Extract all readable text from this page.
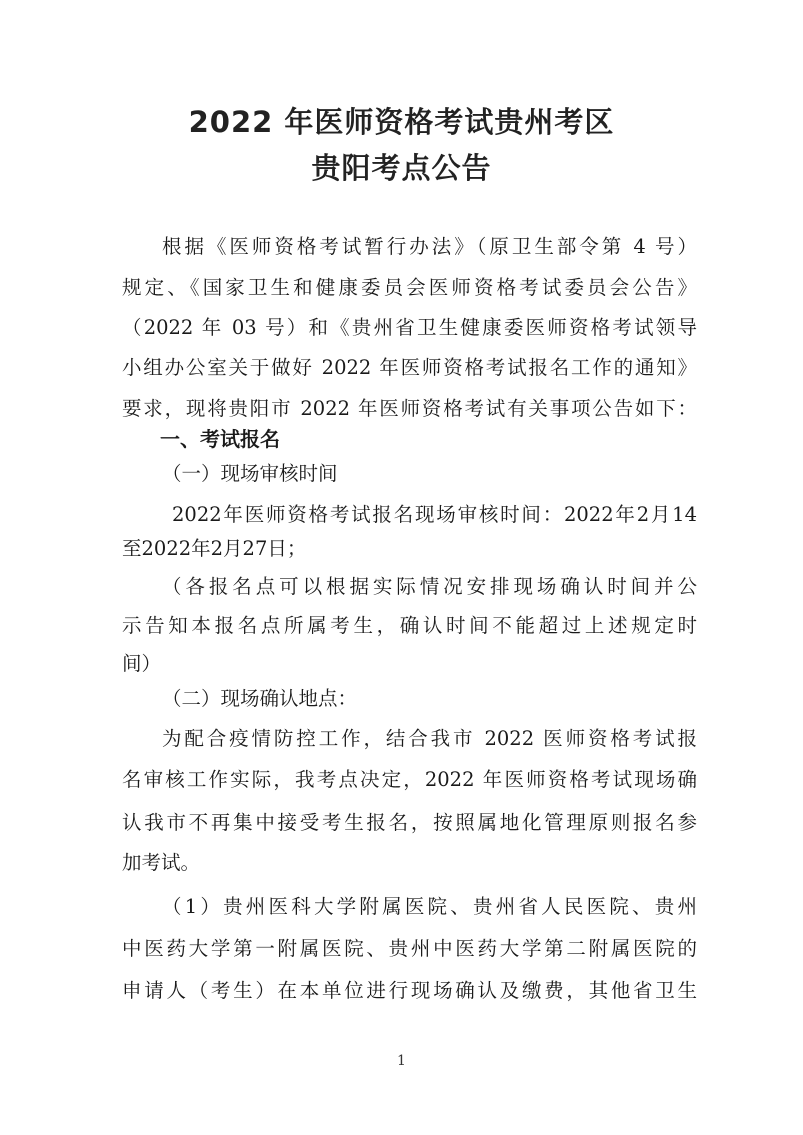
2022 年医师资格考试贵州考区
贵阳考点公告
根据《医师资格考试暂行办法》（原卫生部令第 4 号）
规定、《国家卫生和健康委员会医师资格考试委员会公告》
（2022 年 03 号）和《贵州省卫生健康委医师资格考试领导
小组办公室关于做好 2022 年医师资格考试报名工作的通知》
要求，现将贵阳市 2022 年医师资格考试有关事项公告如下：
一、考试报名
（一）现场审核时间
2022年医师资格考试报名现场审核时间：2022年2月14
至2022年2月27日；
（各报名点可以根据实际情况安排现场确认时间并公
示告知本报名点所属考生，确认时间不能超过上述规定时
间）
（二）现场确认地点：
为配合疫情防控工作，结合我市 2022 医师资格考试报
名审核工作实际，我考点决定，2022 年医师资格考试现场确
认我市不再集中接受考生报名，按照属地化管理原则报名参
加考试。
（1）贵州医科大学附属医院、贵州省人民医院、贵州
中医药大学第一附属医院、贵州中医药大学第二附属医院的
申请人（考生）在本单位进行现场确认及缴费，其他省卫生
1
